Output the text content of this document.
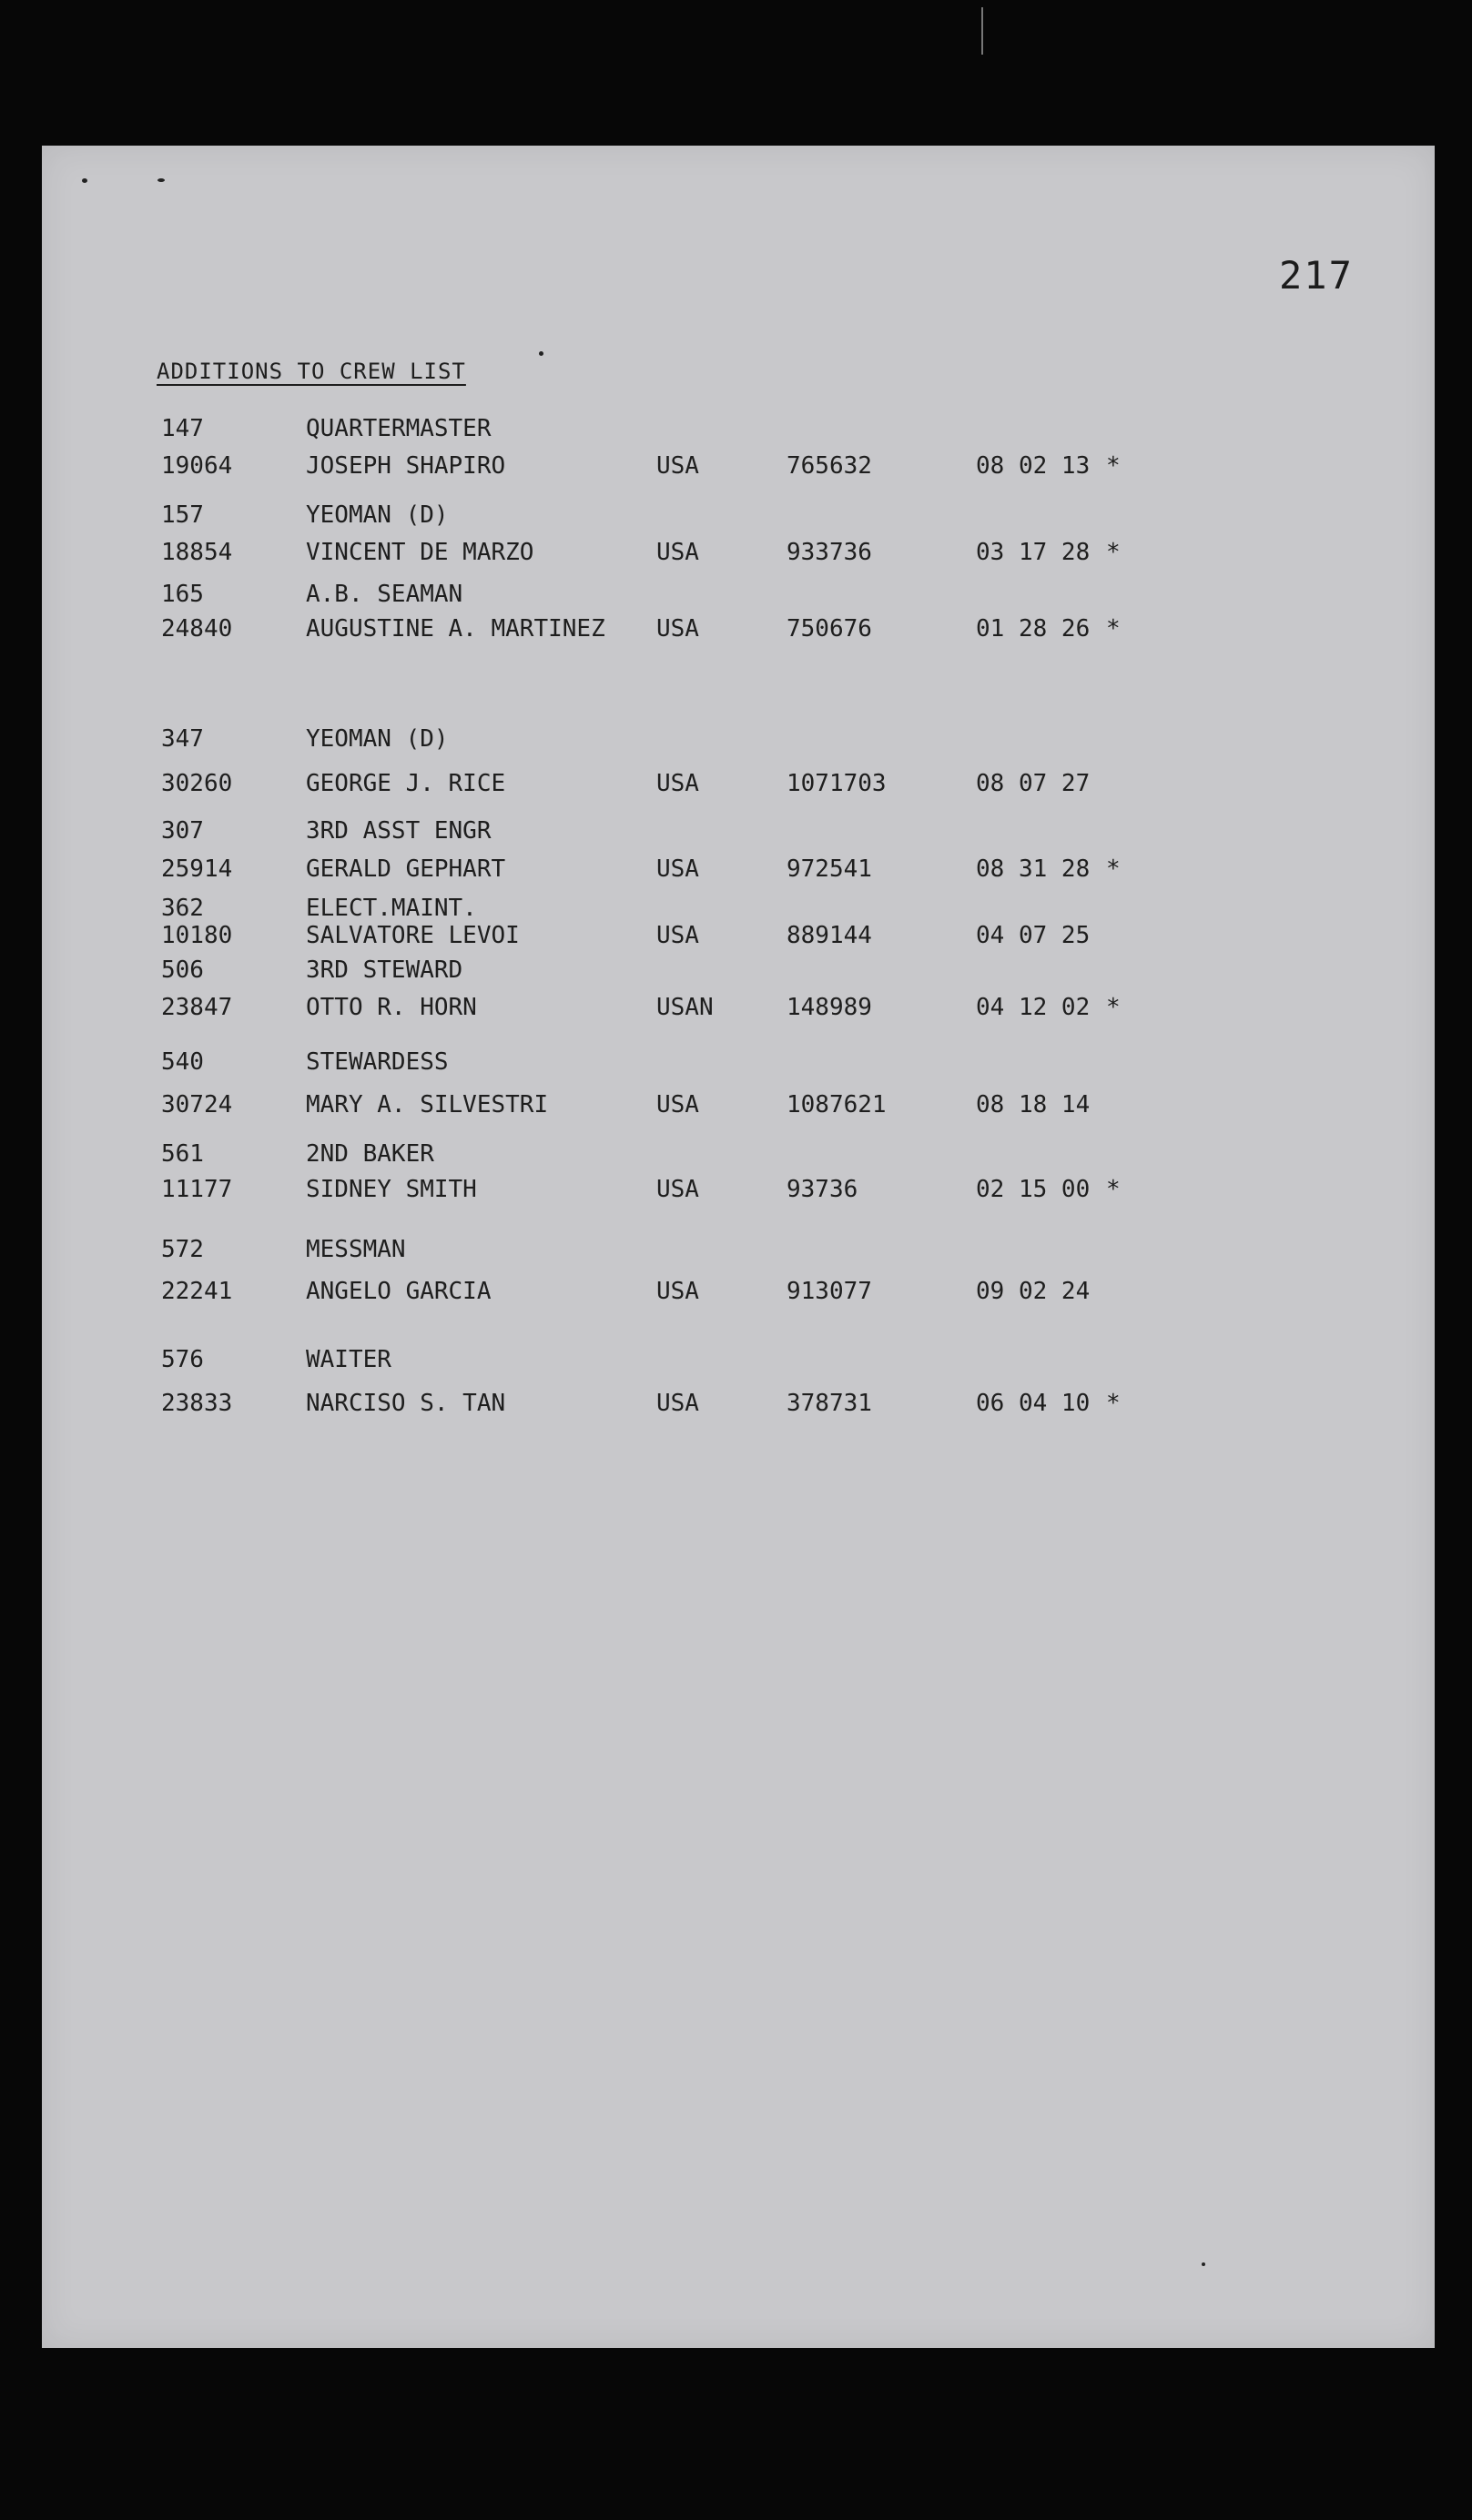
217
ADDITIONS TO CREW LIST
147	QUARTERMASTER
19064	JOSEPH SHAPIRO	USA	765632	08 02 13 *
157	YEOMAN (D)
18854	VINCENT DE MARZO	USA	933736	03 17 28 *
165	A.B. SEAMAN
24840	AUGUSTINE A. MARTINEZ USA	750676	01 28 26 *
347	YEOMAN (D)
30260	GEORGE J. RICE	USA	1071703	08 07 27
307	3RD ASST ENGR
25914	GERALD GEPHART	USA	972541	08 31 28 *
362	ELECT.MAINT.
10180	SALVATORE LEVOI	USA	889144	04 07 25
506	3RD STEWARD
23847	OTTO R. HORN	USAN	148989	04 12 02 *
540	STEWARDESS
30724	MARY A. SILVESTRI	USA	1087621	08 18 14
561	2ND BAKER
11177	SIDNEY SMITH	USA	93736	02 15 00 *
572	MESSMAN
22241	ANGELO GARCIA	USA	913077	09 02 24
576	WAITER
23833	NARCISO S. TAN	USA	378731	06 04 10 *
